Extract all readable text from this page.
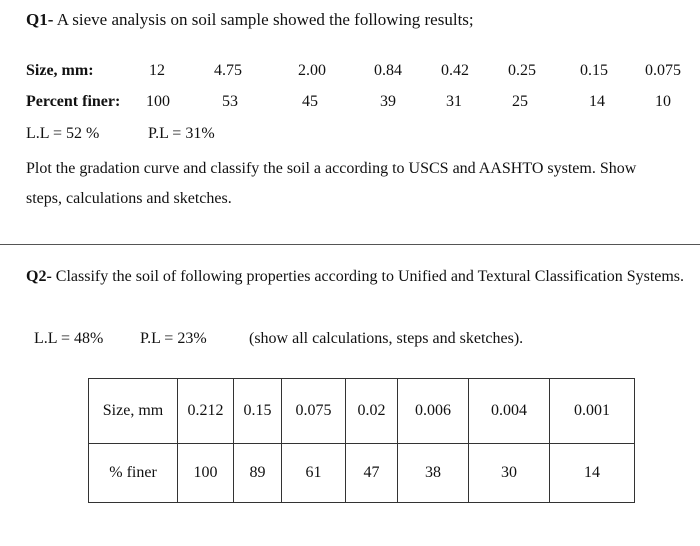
Q1- A sieve analysis on soil sample showed the following results;
Size, mm:	12	4.75	2.00	0.84 0.42 0.25	0.15 0.075
Percent finer: 100	53	45	39	31	25	14	10
L.L = 52 %	P.L = 31%
Plot the gradation curve and classify the soil a according to USCS and AASHTO system. Show
steps, calculations and sketches.
Q2- Classify the soil of following properties according to Unified and Textural Classification Systems.
L.L = 48% P.L = 23%	(show all calculations, steps and sketches).
Size, mm	0.212	0.15	0.075	0.02	0.006	0.004	0.001
% finer	100	89	61	47	38	30	14
